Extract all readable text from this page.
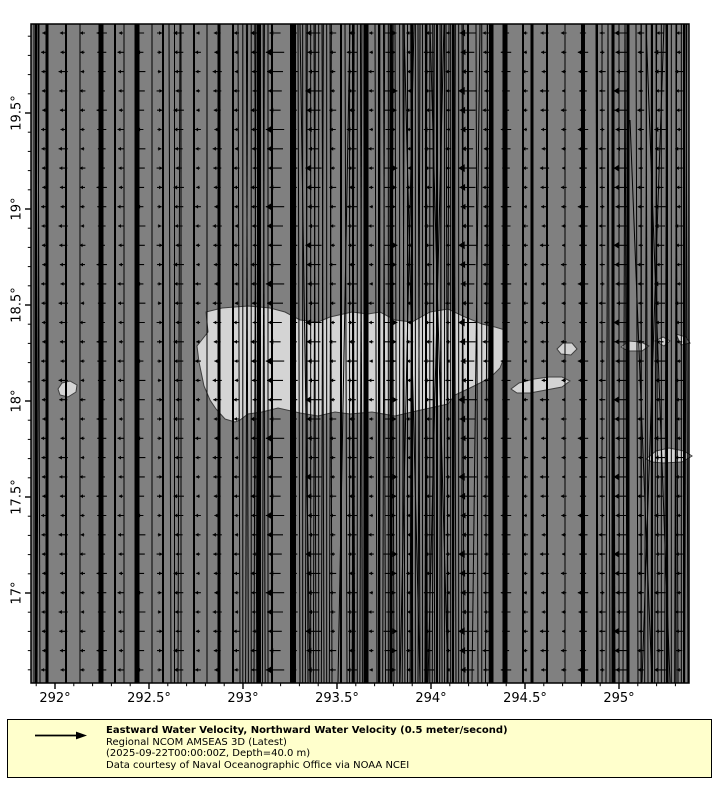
292°	292.5°	293°	293.5°	294°	294.5°	295°
17°
17.5°
18°
18.5°
19°
19.5°
Eastward Water Velocity, Northward Water Velocity (0.5 meter/second)
Regional NCOM AMSEAS 3D (Latest)
(2025-09-22T00:00:00Z, Depth=40.0 m)
Data courtesy of Naval Oceanographic Office via NOAA NCEI
